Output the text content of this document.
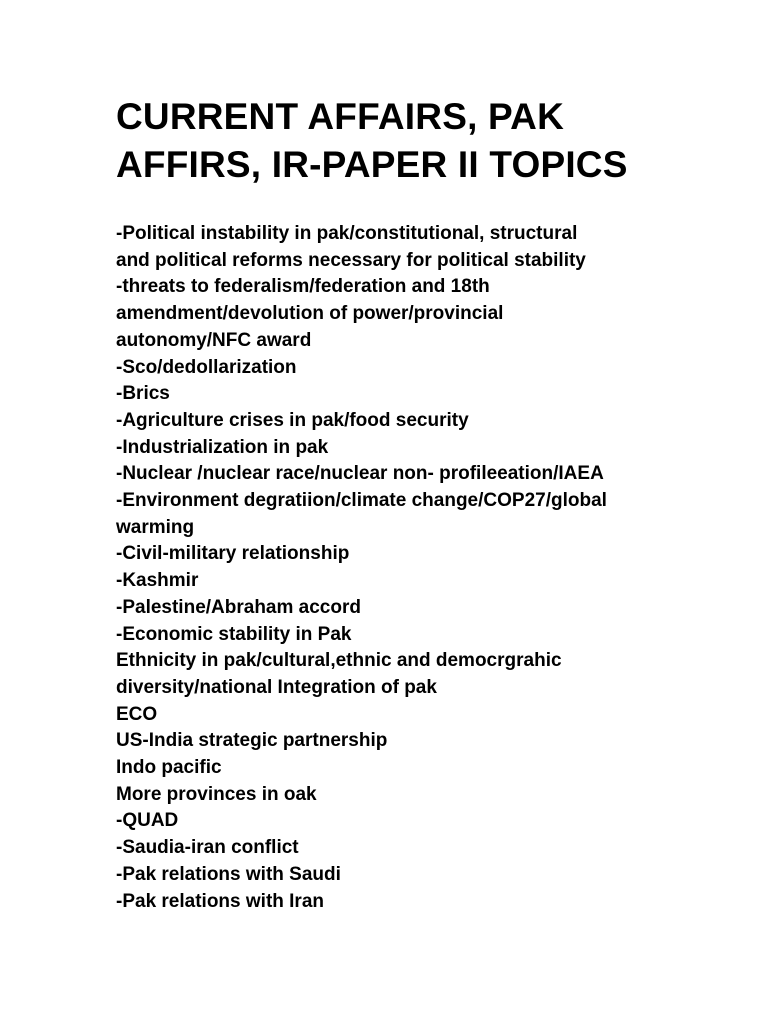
CURRENT AFFAIRS, PAK
AFFIRS, IR-PAPER II TOPICS
-Political instability in pak/constitutional, structural
and political reforms necessary for political stability
-threats to federalism/federation and 18th
amendment/devolution of power/provincial
autonomy/NFC award
-Sco/dedollarization
-Brics
-Agriculture crises in pak/food security
-Industrialization in pak
-Nuclear /nuclear race/nuclear non- profileeation/IAEA
-Environment degratiion/climate change/COP27/global
warming
-Civil-military relationship
-Kashmir
-Palestine/Abraham accord
-Economic stability in Pak
Ethnicity in pak/cultural,ethnic and democrgrahic
diversity/national Integration of pak
ECO
US-India strategic partnership
Indo pacific
More provinces in oak
-QUAD
-Saudia-iran conflict
-Pak relations with Saudi
-Pak relations with Iran
